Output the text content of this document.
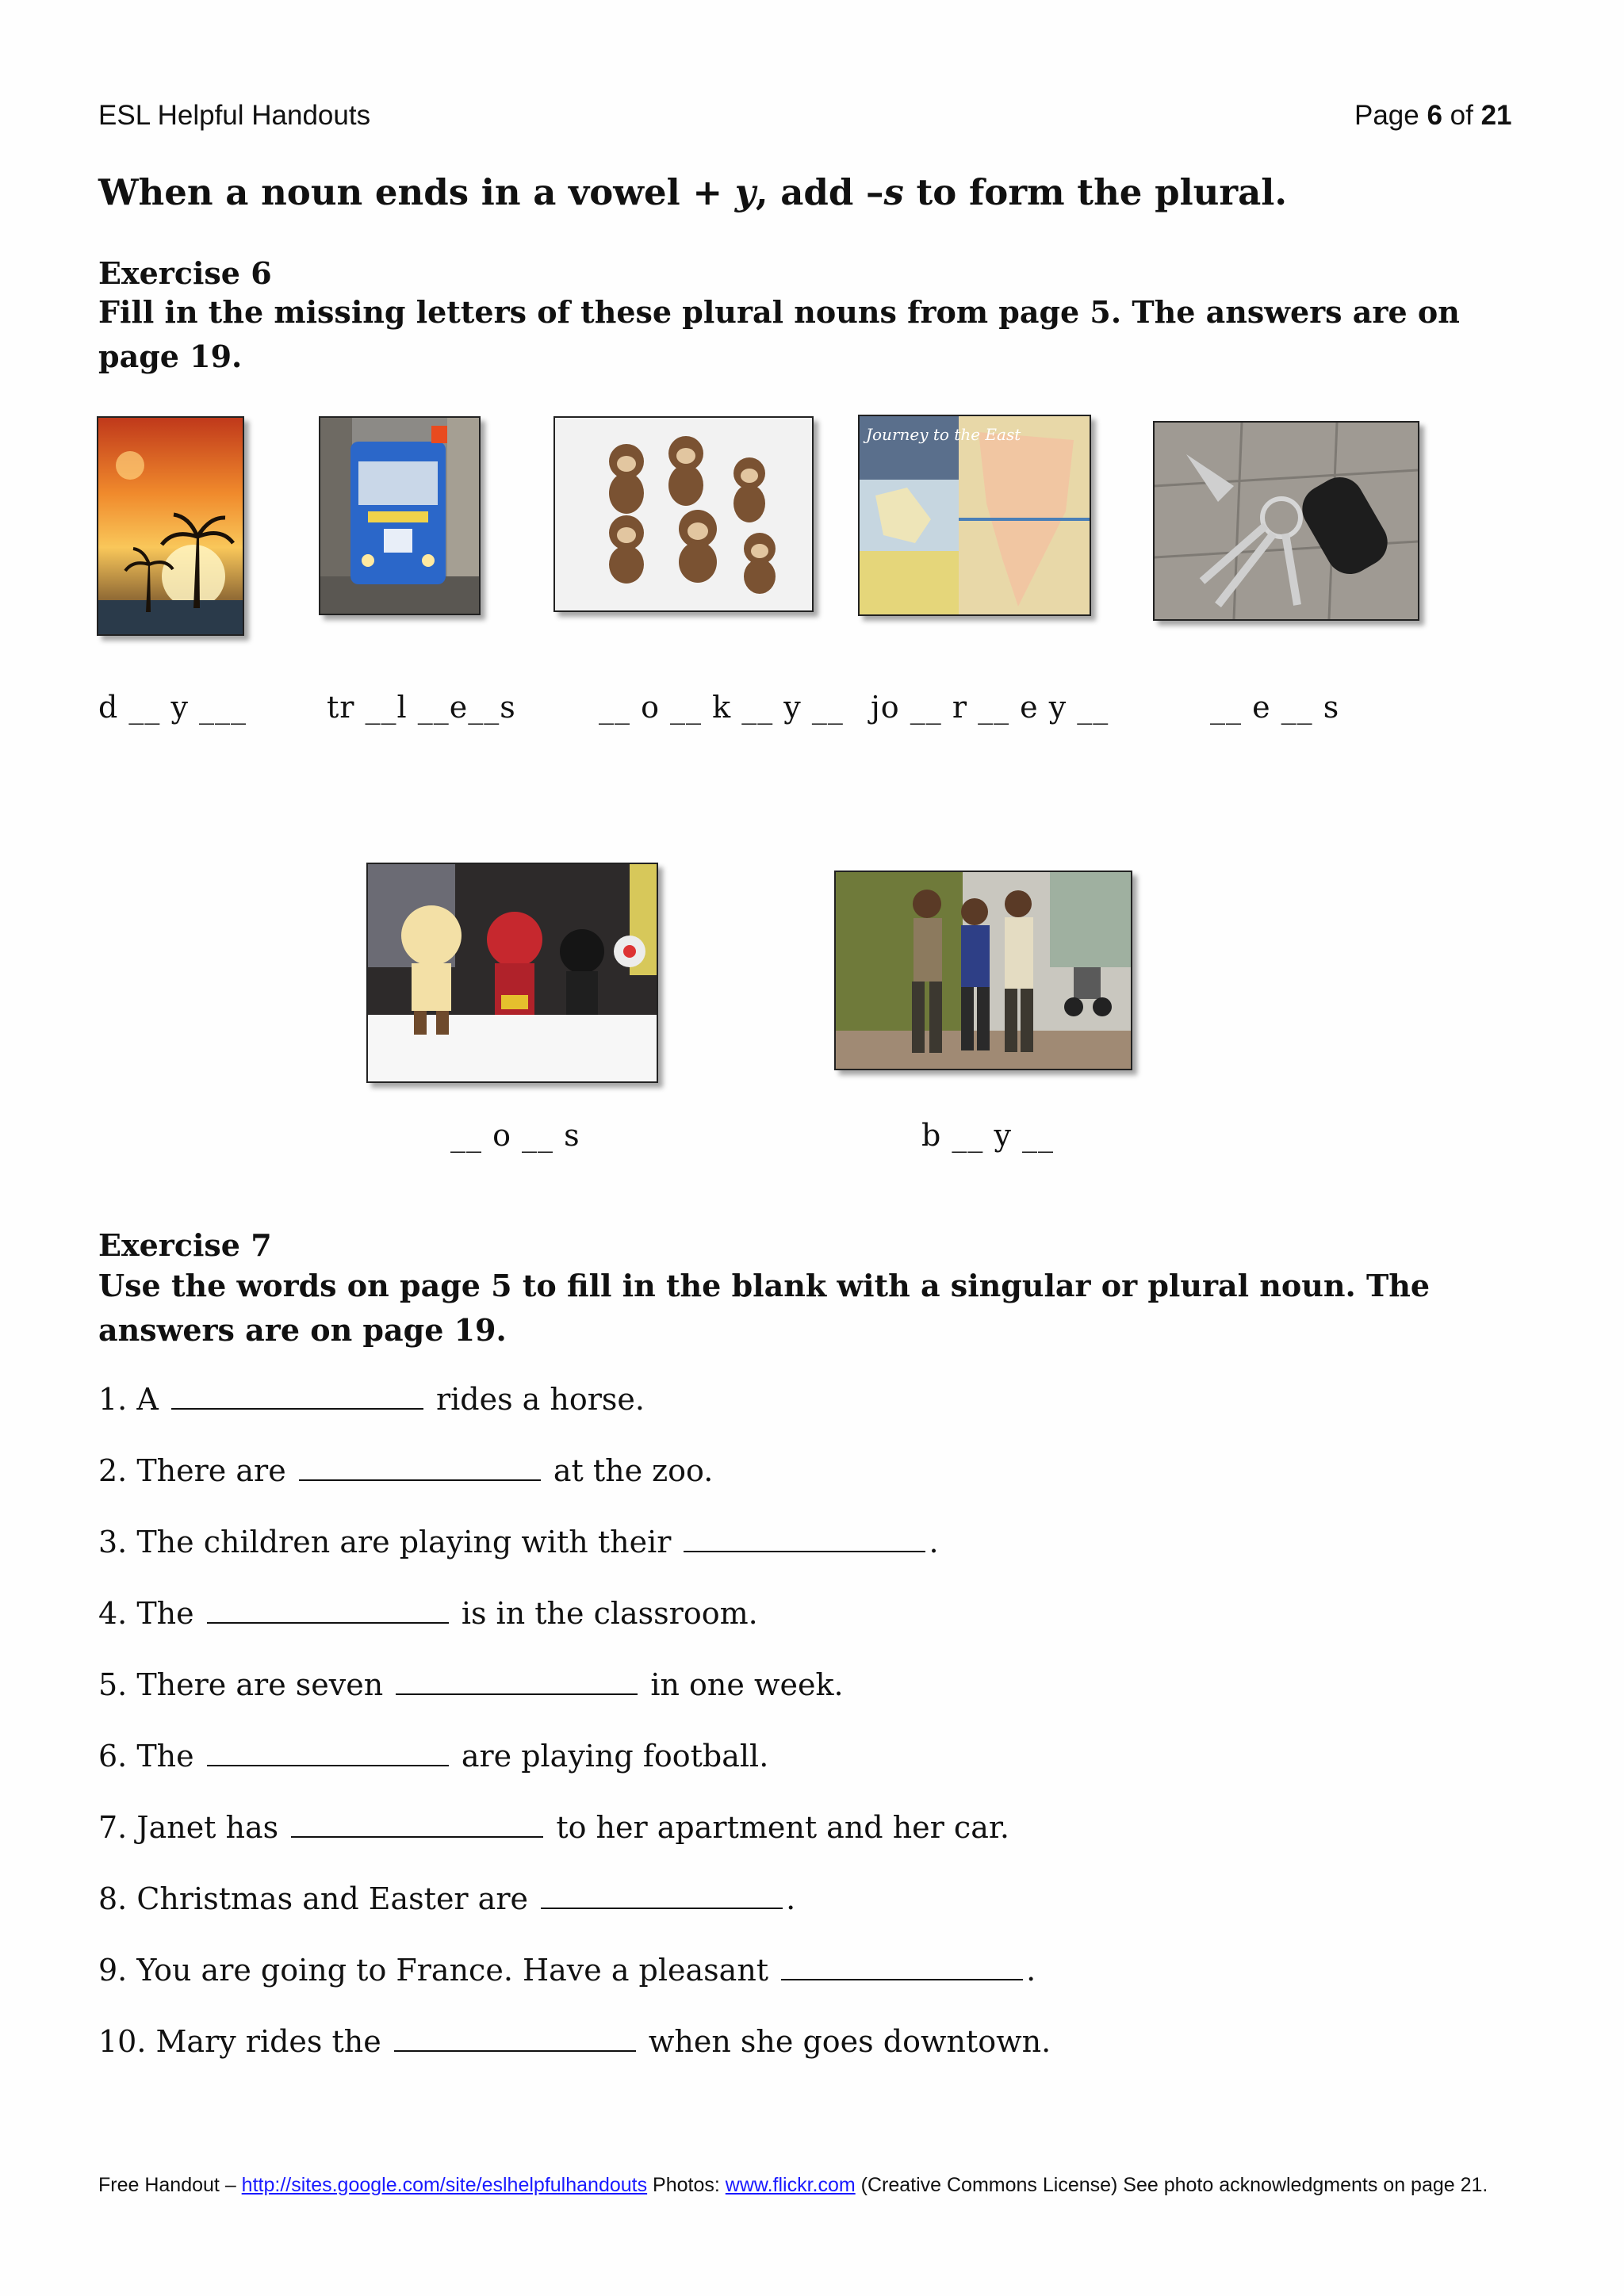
ESL Helpful Handouts	Page 6 of 21
When a noun ends in a vowel + y, add –s to form the plural.
Exercise 6
Fill in the missing letters of these plural nouns from page 5. The answers are on page 19.
Journey to the East
d __ y ___	tr __l __e__s	__ o __ k __ y __ jo __ r __ e y __	__ e __ s
__ o __ s	b __ y __
Exercise 7
Use the words on page 5 to fill in the blank with a singular or plural noun. The answers are on page 19.
1. A	rides a horse.
2. There are	at the zoo.
3. The children are playing with their	.
4. The	is in the classroom.
5. There are seven	in one week.
6. The	are playing football.
7. Janet has	to her apartment and her car.
8. Christmas and Easter are	.
9. You are going to France. Have a pleasant	.
10. Mary rides the	when she goes downtown.
Free Handout – http://sites.google.com/site/eslhelpfulhandouts Photos: www.flickr.com (Creative Commons License) See photo acknowledgments on page 21.
